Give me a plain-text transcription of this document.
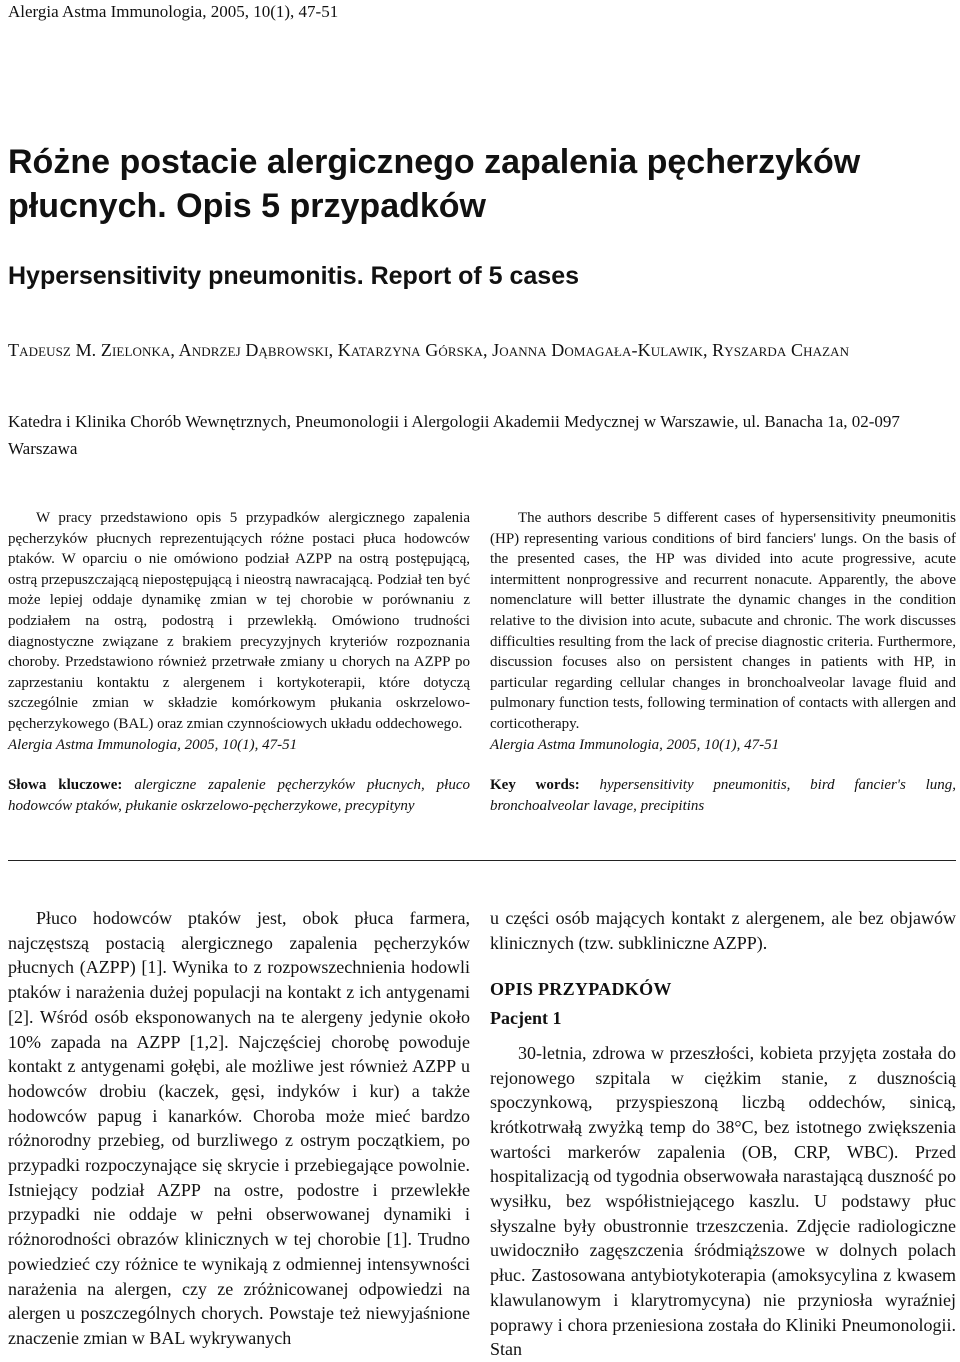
Alergia Astma Immunologia, 2005, 10(1), 47-51
Różne postacie alergicznego zapalenia pęcherzyków płucnych. Opis 5 przypadków
Hypersensitivity pneumonitis. Report of 5 cases
Tadeusz M. Zielonka, Andrzej Dąbrowski, Katarzyna Górska, Joanna Domagała-Kulawik, Ryszarda Chazan
Katedra i Klinika Chorób Wewnętrznych, Pneumonologii i Alergologii Akademii Medycznej w Warszawie, ul. Banacha 1a, 02-097 Warszawa

W pracy przedstawiono opis 5 przypadków alergicznego zapalenia pęcherzyków płucnych reprezentujących różne postaci płuca hodowców ptaków. W oparciu o nie omówiono podział AZPP na ostrą postępującą, ostrą przepuszczającą niepostępującą i nieostrą nawracającą. Podział ten być może lepiej oddaje dynamikę zmian w tej chorobie w porównaniu z podziałem na ostrą, podostrą i przewlekłą. Omówiono trudności diagnostyczne związane z brakiem precyzyjnych kryteriów rozpoznania choroby. Przedstawiono również przetrwałe zmiany u chorych na AZPP po zaprzestaniu kontaktu z alergenem i kortykoterapii, które dotyczą szczególnie zmian w składzie komórkowym płukania oskrzelowo-pęcherzykowego (BAL) oraz zmian czynnościowych układu oddechowego.

Alergia Astma Immunologia, 2005, 10(1), 47-51

Słowa kluczowe: alergiczne zapalenie pęcherzyków płucnych, płuco hodowców ptaków, płukanie oskrzelowo-pęcherzykowe, precypityny

The authors describe 5 different cases of hypersensitivity pneumonitis (HP) representing various conditions of bird fanciers' lungs. On the basis of the presented cases, the HP was divided into acute progressive, acute intermittent nonprogressive and recurrent nonacute. Apparently, the above nomenclature will better illustrate the dynamic changes in the condition relative to the division into acute, subacute and chronic. The work discusses difficulties resulting from the lack of precise diagnostic criteria. Furthermore, discussion focuses also on persistent changes in patients with HP, in particular regarding cellular changes in bronchoalveolar lavage fluid and pulmonary function tests, following termination of contacts with allergen and corticotherapy.

Alergia Astma Immunologia, 2005, 10(1), 47-51

Key words: hypersensitivity pneumonitis, bird fancier's lung, bronchoalveolar lavage, precipitins

Płuco hodowców ptaków jest, obok płuca farmera, najczęstszą postacią alergicznego zapalenia pęcherzyków płucnych (AZPP) [1]. Wynika to z rozpowszechnienia hodowli ptaków i narażenia dużej populacji na kontakt z ich antygenami [2]. Wśród osób eksponowanych na te alergeny jedynie około 10% zapada na AZPP [1,2]. Najczęściej chorobę powoduje kontakt z antygenami gołębi, ale możliwe jest również AZPP u hodowców drobiu (kaczek, gęsi, indyków i kur) a także hodowców papug i kanarków. Choroba może mieć bardzo różnorodny przebieg, od burzliwego z ostrym początkiem, po przypadki rozpoczynające się skrycie i przebiegające powolnie. Istniejący podział AZPP na ostre, podostre i przewlekłe przypadki nie oddaje w pełni obserwowanej dynamiki i różnorodności obrazów klinicznych w tej chorobie [1]. Trudno powiedzieć czy różnice te wynikają z odmiennej intensywności narażenia na alergen, czy ze zróżnicowanej odpowiedzi na alergen u poszczególnych chorych. Powstaje też niewyjaśnione znaczenie zmian w BAL wykrywanych

u części osób mających kontakt z alergenem, ale bez objawów klinicznych (tzw. subkliniczne AZPP).

OPIS PRZYPADKÓW

Pacjent 1

30-letnia, zdrowa w przeszłości, kobieta przyjęta została do rejonowego szpitala w ciężkim stanie, z dusznością spoczynkową, przyspieszoną liczbą oddechów, sinicą, krótkotrwałą zwyżką temp do 38°C, bez istotnego zwiększenia wartości markerów zapalenia (OB, CRP, WBC). Przed hospitalizacją od tygodnia obserwowała narastającą duszność po wysiłku, bez współistniejącego kaszlu. U podstawy płuc słyszalne były obustronnie trzeszczenia. Zdjęcie radiologiczne uwidoczniło zagęszczenia śródmiąższowe w dolnych polach płuc. Zastosowana antybiotykoterapia (amoksycylina z kwasem klawulanowym i klarytromycyna) nie przyniosła wyraźniej poprawy i chora przeniesiona została do Kliniki Pneumonologii. Stan
